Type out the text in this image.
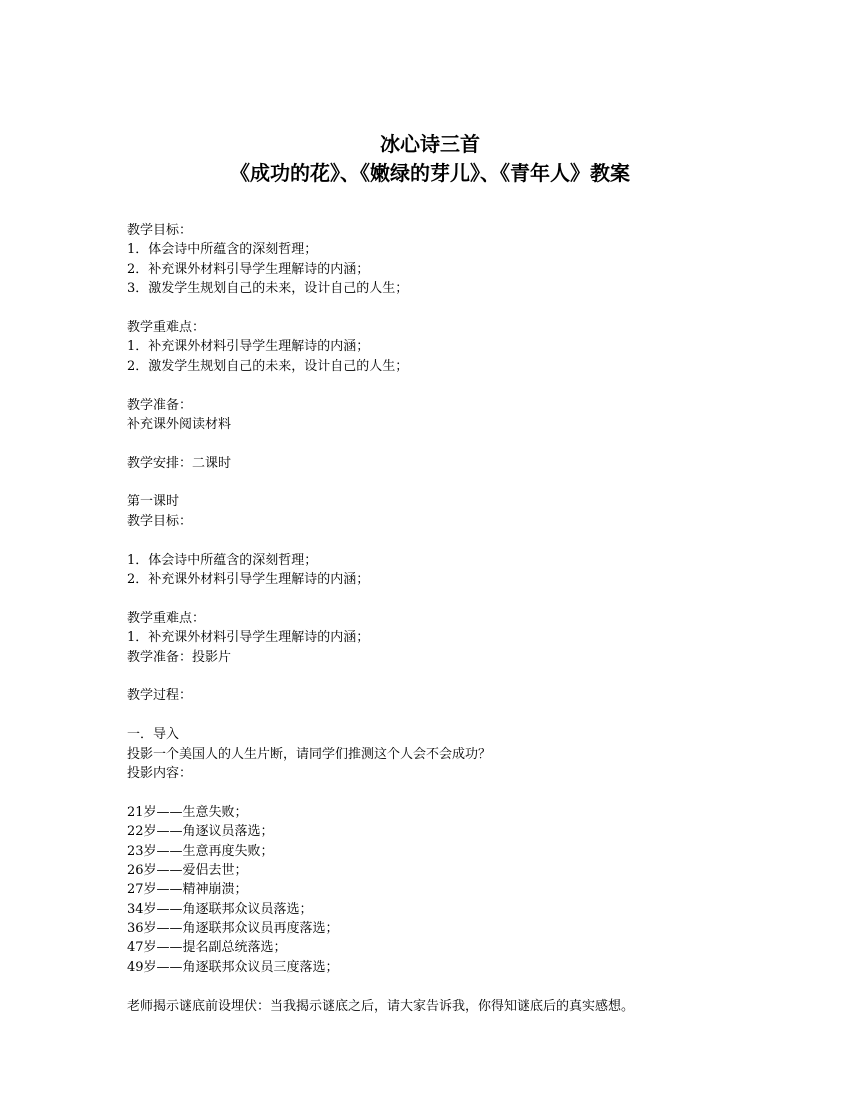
冰心诗三首
《成功的花》、《嫩绿的芽儿》、《青年人》教案
教学目标：
1．体会诗中所蕴含的深刻哲理；
2．补充课外材料引导学生理解诗的内涵；
3．激发学生规划自己的未来，设计自己的人生；
教学重难点：
1．补充课外材料引导学生理解诗的内涵；
2．激发学生规划自己的未来，设计自己的人生；
教学准备：
补充课外阅读材料
教学安排：二课时
第一课时
教学目标：
1．体会诗中所蕴含的深刻哲理；
2．补充课外材料引导学生理解诗的内涵；
教学重难点：
1．补充课外材料引导学生理解诗的内涵；
教学准备：投影片
教学过程：
一．导入
投影一个美国人的人生片断，请同学们推测这个人会不会成功？
投影内容：
21岁——生意失败；
22岁——角逐议员落选；
23岁——生意再度失败；
26岁——爱侣去世；
27岁——精神崩溃；
34岁——角逐联邦众议员落选；
36岁——角逐联邦众议员再度落选；
47岁——提名副总统落选；
49岁——角逐联邦众议员三度落选；
老师揭示谜底前设埋伏：当我揭示谜底之后，请大家告诉我，你得知谜底后的真实感想。
